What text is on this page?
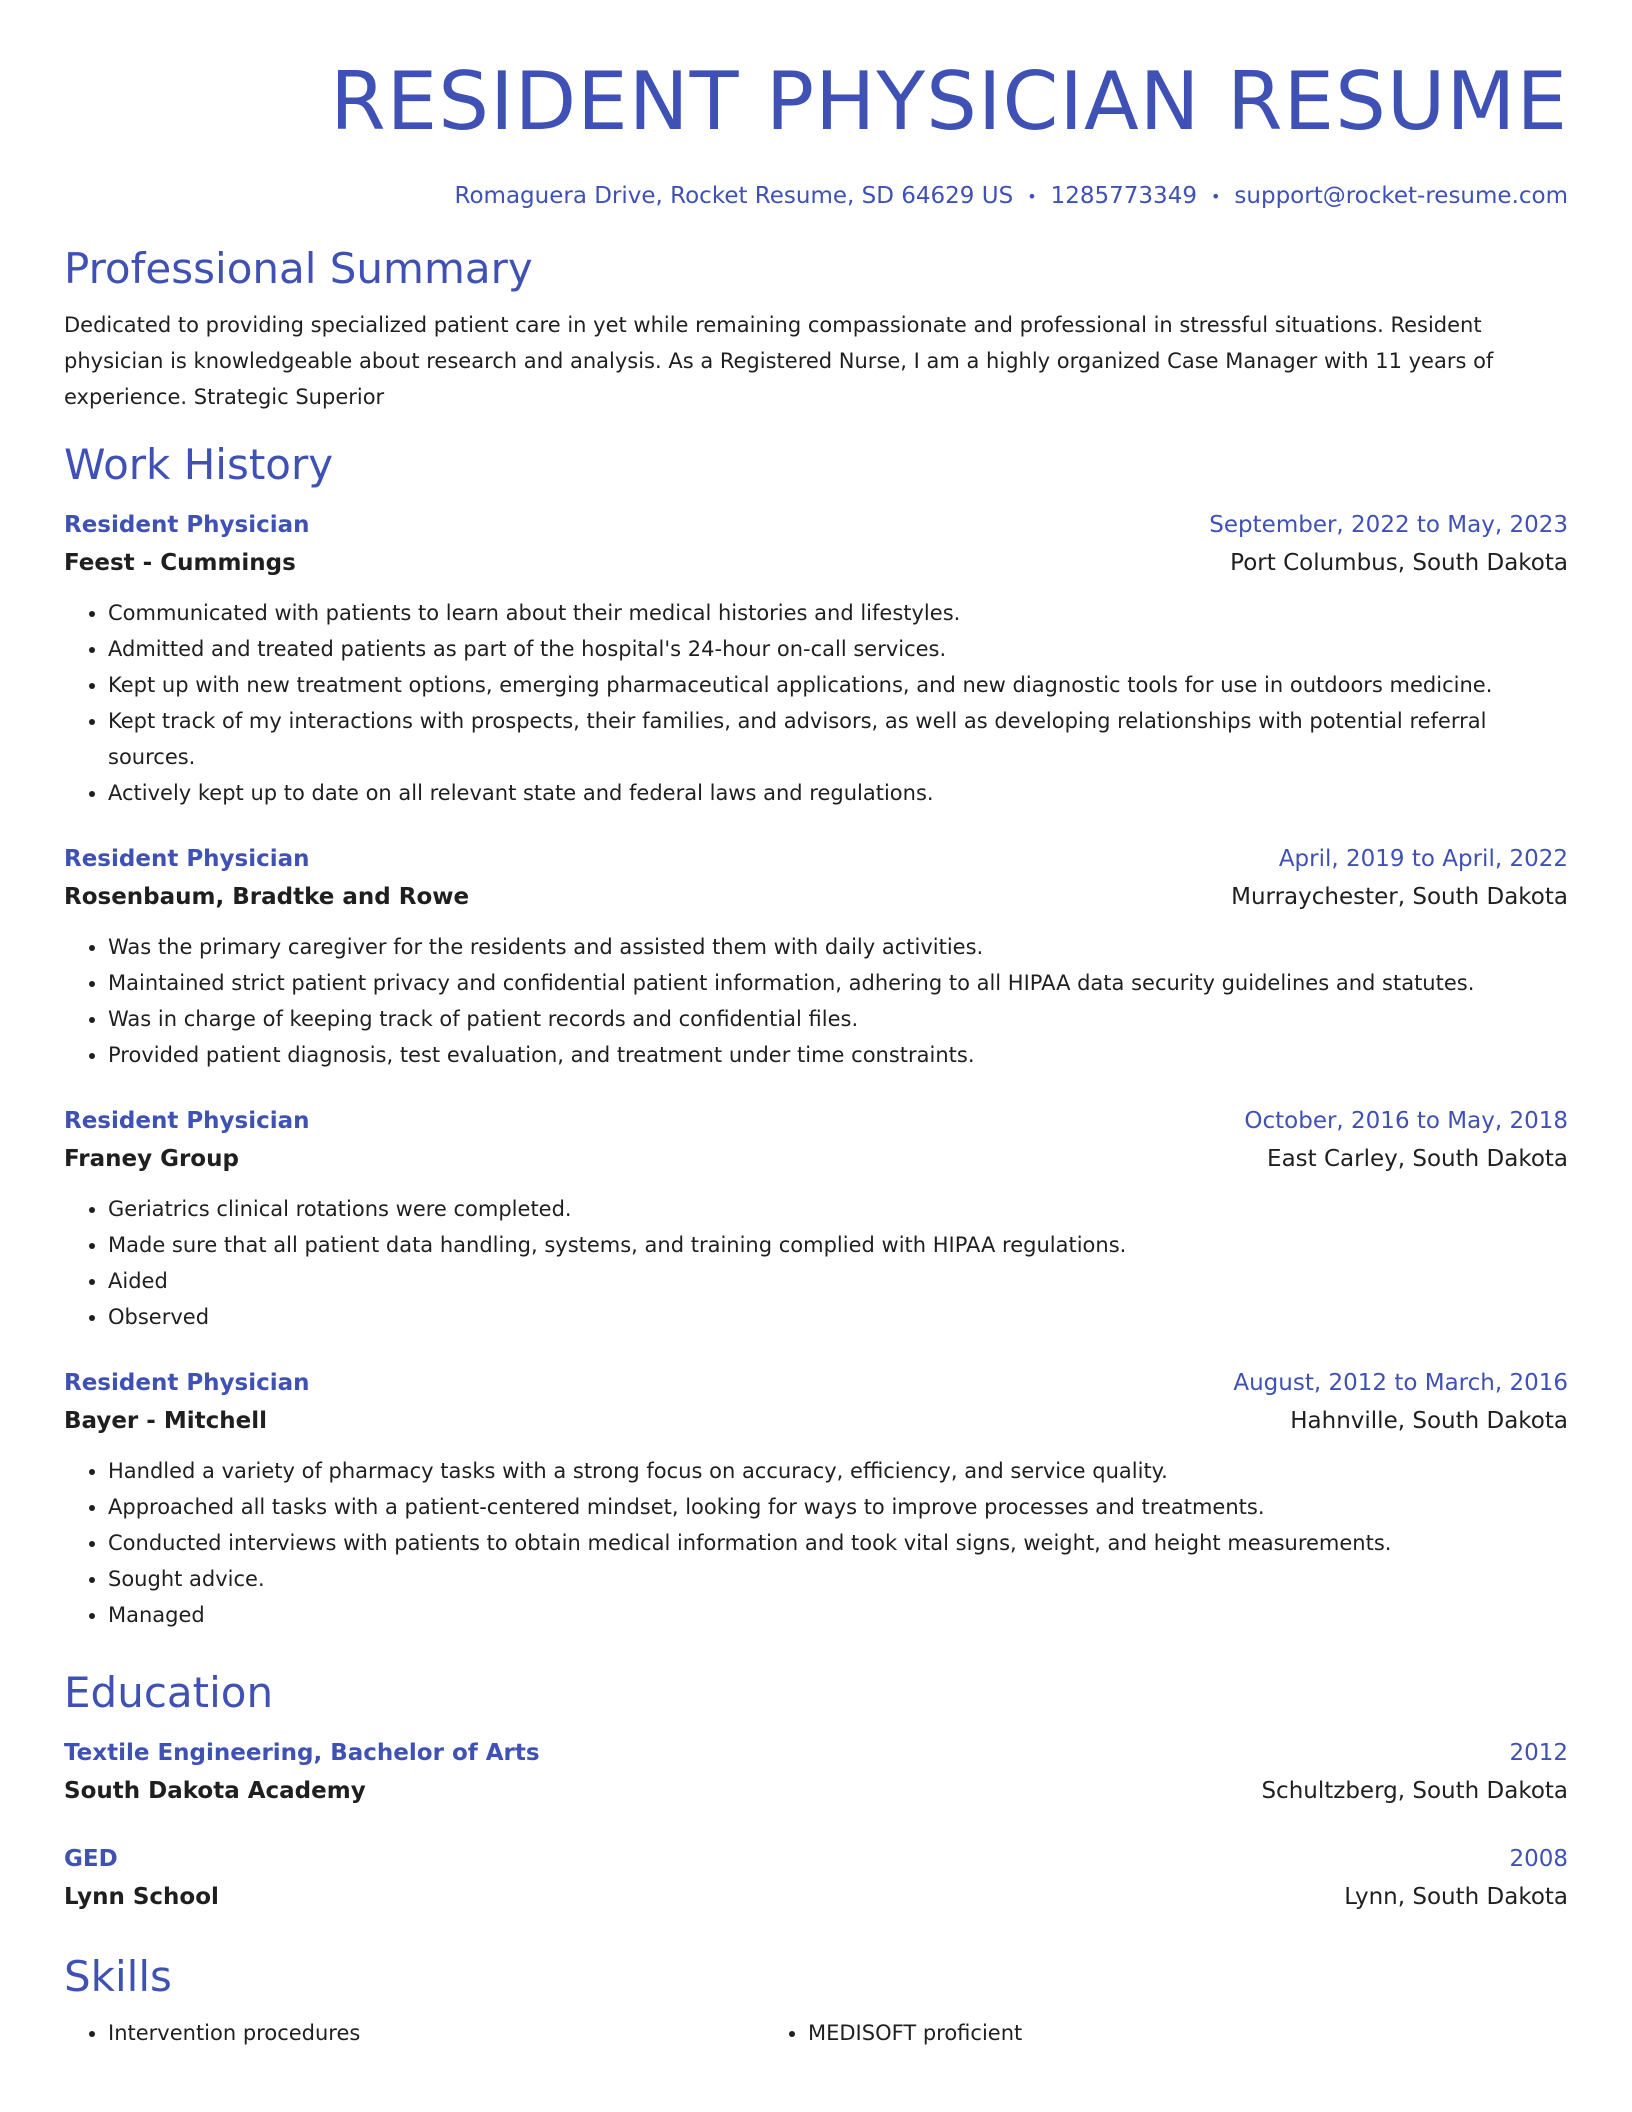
RESIDENT PHYSICIAN RESUME
Romaguera Drive, Rocket Resume, SD 64629 US • 1285773349 • support@rocket-resume.com
Professional Summary

Dedicated to providing specialized patient care in yet while remaining compassionate and professional in stressful situations. Resident physician is knowledgeable about research and analysis. As a Registered Nurse, I am a highly organized Case Manager with 11 years of experience. Strategic Superior

Work History
Resident Physician	September, 2022 to May, 2023
Feest - Cummings	Port Columbus, South Dakota
• Communicated with patients to learn about their medical histories and lifestyles.
• Admitted and treated patients as part of the hospital's 24-hour on-call services.
• Kept up with new treatment options, emerging pharmaceutical applications, and new diagnostic tools for use in outdoors medicine.
• Kept track of my interactions with prospects, their families, and advisors, as well as developing relationships with potential referral sources.
• Actively kept up to date on all relevant state and federal laws and regulations.
Resident Physician	April, 2019 to April, 2022
Rosenbaum, Bradtke and Rowe	Murraychester, South Dakota
• Was the primary caregiver for the residents and assisted them with daily activities.
• Maintained strict patient privacy and confidential patient information, adhering to all HIPAA data security guidelines and statutes.
• Was in charge of keeping track of patient records and confidential files.
• Provided patient diagnosis, test evaluation, and treatment under time constraints.
Resident Physician	October, 2016 to May, 2018
Franey Group	East Carley, South Dakota
• Geriatrics clinical rotations were completed.
• Made sure that all patient data handling, systems, and training complied with HIPAA regulations.
• Aided
• Observed
Resident Physician	August, 2012 to March, 2016
Bayer - Mitchell	Hahnville, South Dakota
• Handled a variety of pharmacy tasks with a strong focus on accuracy, efficiency, and service quality.
• Approached all tasks with a patient-centered mindset, looking for ways to improve processes and treatments.
• Conducted interviews with patients to obtain medical information and took vital signs, weight, and height measurements.
• Sought advice.
• Managed
Education
Textile Engineering, Bachelor of Arts	2012
South Dakota Academy	Schultzberg, South Dakota
GED	2008
Lynn School	Lynn, South Dakota
Skills
• Intervention procedures
•	MEDISOFT proficient
